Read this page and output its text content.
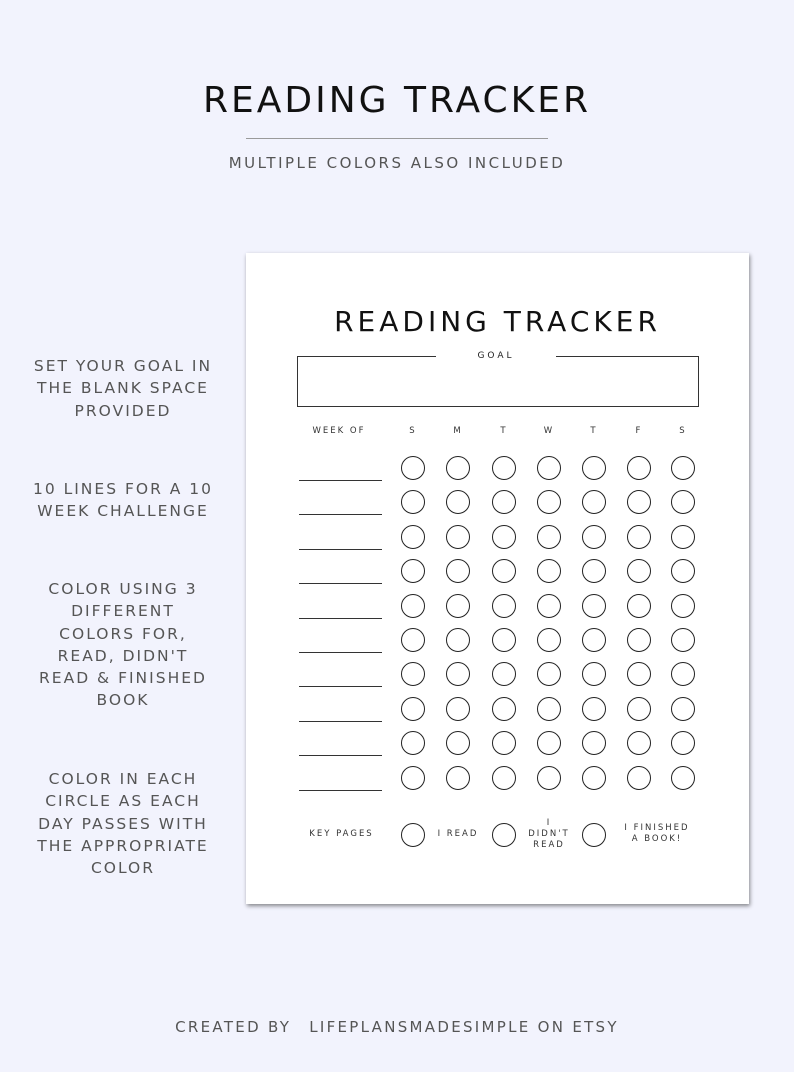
READING TRACKER
MULTIPLE COLORS ALSO INCLUDED
SET YOUR GOAL IN
THE BLANK SPACE
PROVIDED
10 LINES FOR A 10
WEEK CHALLENGE
COLOR USING 3
DIFFERENT
COLORS FOR,
READ, DIDN'T
READ & FINISHED
BOOK
COLOR IN EACH
CIRCLE AS EACH
DAY PASSES WITH
THE APPROPRIATE
COLOR
READING TRACKER
GOAL
WEEK OF	S	M	T	W	T	F	S
KEY PAGES	I READ
I
DIDN'T
READ
I FINISHED
A BOOK!
CREATED BY LIFEPLANSMADESIMPLE ON ETSY
